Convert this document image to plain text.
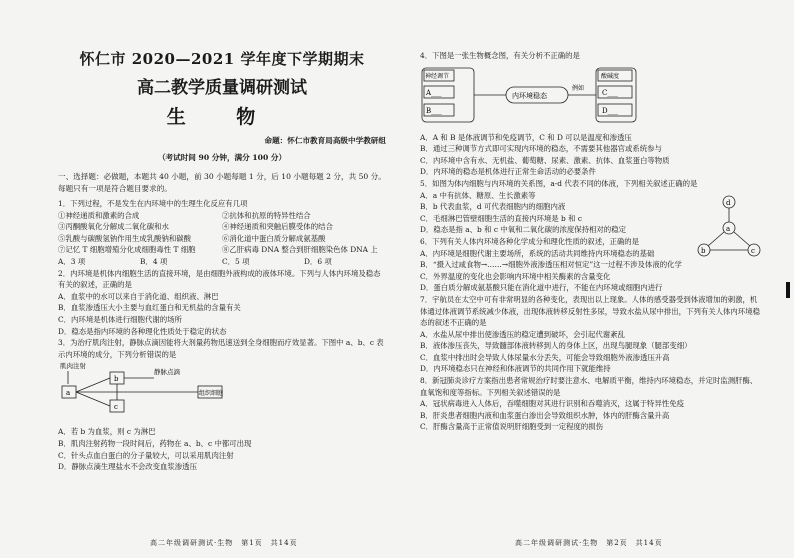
怀仁市 2020—2021 学年度下学期期末
高二教学质量调研测试
生 物
命题：怀仁市教育局高级中学教研组
（考试时间 90 分钟，满分 100 分）
一、选择题：必做题，本题共 40 小题，前 30 小题每题 1 分，后 10 小题每题 2 分，共 50 分。每题只有一项是符合题目要求的。
1．下列过程，不是发生在内环境中的生理生化反应有几项
①神经递质和激素的合成	②抗体和抗原的特异性结合
③丙酮酸氧化分解成二氧化碳和水	④神经递质和突触后膜受体的结合
⑤乳酸与碳酸氢钠作用生成乳酸钠和碳酸	⑥消化道中蛋白质分解成氨基酸
⑦记忆 T 细胞增殖分化成细胞毒性 T 细胞	⑧乙肝病毒 DNA 整合到肝细胞染色体 DNA 上
A．3 项	B．4 项	C．5 项	D．6 项
2．内环境是机体内细胞生活的直接环境，是由细胞外液构成的液体环境。下列与人体内环境及稳态有关的叙述，正确的是
A．血浆中的水可以来自于消化道、组织液、淋巴
B．血浆渗透压大小主要与血红蛋白和无机盐的含量有关
C．内环境是机体进行细胞代谢的场所
D．稳态是指内环境的各种理化性质处于稳定的状态
3．为治疗肌肉注射，静脉点滴因能将大剂量药物迅速送到全身细胞而疗效显著。下图中 a、b、c 表示内环境的成分，下列分析错误的是
肌肉注射
a
b
c
静脉点滴
组织细胞
A．若 b 为血浆，则 c 为淋巴
B．肌肉注射药物一段时间后，药物在 a、b、c 中都可出现
C．针头点血白蛋白的分子量较大，可以采用肌肉注射
D．静脉点滴生理盐水不会改变血浆渗透压
高二年级调研测试·生物　第1页　共14页
4．下图是一张生物概念图，有关分析不正确的是
神经调节
A___
B___
内环境稳态
例如
酸碱度
C___
D___
A．A 和 B 是体液调节和免疫调节，C 和 D 可以是温度和渗透压
B．通过三种调节方式即可实现内环境的稳态，不需要其他器官或系统参与
C．内环境中含有水、无机盐、葡萄糖、尿素、激素、抗体、血浆蛋白等物质
D．内环境的稳态是机体进行正常生命活动的必要条件
5．如图为体内细胞与内环境的关系图，a-d 代表不同的体液，下列相关叙述正确的是
A．a 中有抗体、糖原、生长激素等
B．b 代表血浆，d 可代表细胞内的细胞内液
C．毛细淋巴管壁细胞生活的直接内环境是 b 和 c
D．稳态是指 a、b 和 c 中氧和二氧化碳的浓度保持相对的稳定
d
a
b	c
6．下列有关人体内环境各种化学成分和理化性质的叙述，正确的是
A．内环境是细胞代谢主要场所，系统的活动共同维持内环境稳态的基础
B．“摄入过咸食物→……→细胞外液渗透压相对恒定”这一过程不涉及体液的化学
C．外界温度的变化也会影响内环境中相关酶素的含量变化
D．蛋白质分解成氨基酸只能在消化道中进行，不能在内环境或细胞内进行
7．宇航员在太空中可有非常明显的各种变化，表现出以上现象。人体的感受器受到体液增加的刺激，机体通过体液调节系统减少体液，出现体液转移反射性多尿，导致水盐从尿中排出，下列有关人体内环境稳态的叙述不正确的是
A．水盐从尿中排出使渗透压的稳定遭到破坏，会引起代谢紊乱
B．液体渗压丧失，导致髓部体液转移到人的身体上区，出现鸟腿现象（腿部变细）
C．血浆中排出时会导致人体尿量水分丢失，可能会导致细胞外液渗透压升高
D．内环境稳态只在神经和体液调节的共同作用下就能维持
8．新冠肺炎诊疗方案指出患者常规治疗时要注意水、电解质平衡，维持内环境稳态，并定时监测肝酶、血氧饱和度等指标。下列相关叙述错误的是
A．冠状病毒进入人体后，吞噬细胞对其进行识别和吞噬消灭，这属于特异性免疫
B．肝炎患者细胞内液和血浆蛋白渗出会导致组织水肿，体内的肝酶含量升高
C．肝酶含量高于正常值说明肝细胞受到一定程度的损伤
高二年级调研测试·生物　第2页　共14页
